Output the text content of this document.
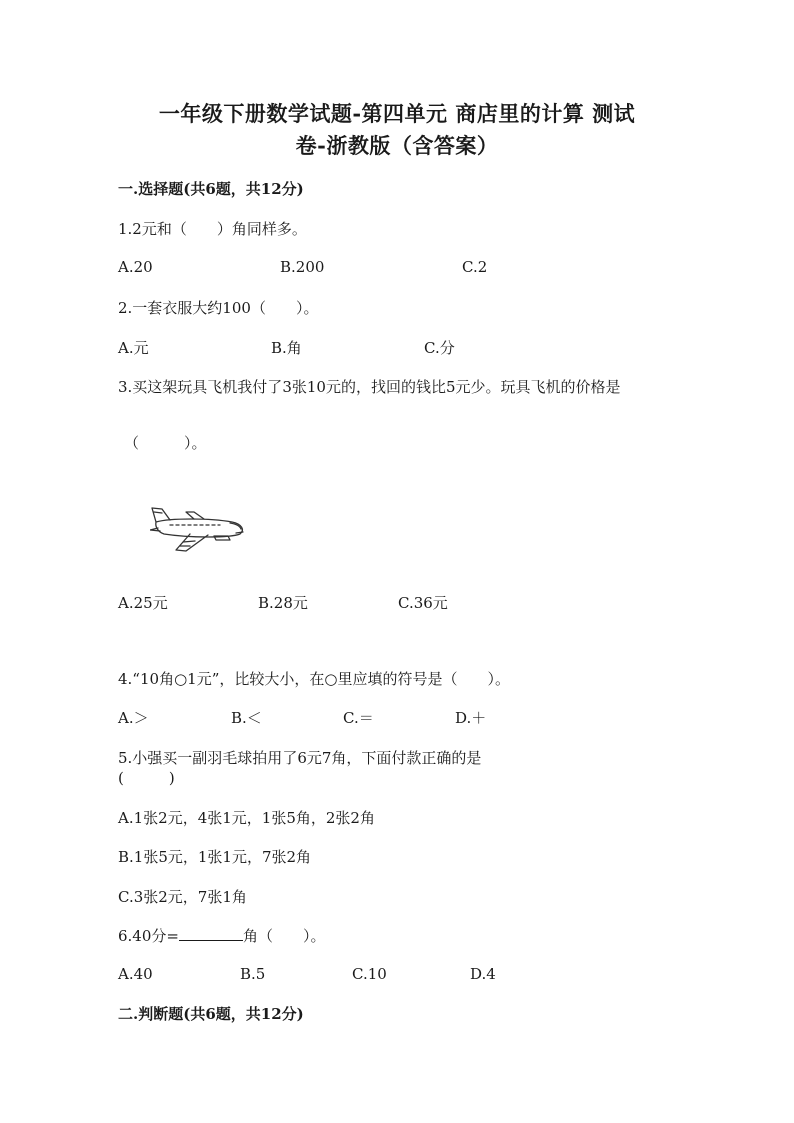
一年级下册数学试题-第四单元 商店里的计算 测试
卷-浙教版（含答案）
一.选择题(共6题，共12分)
1.2元和（　　）角同样多。
A.20	B.200	C.2
2.一套衣服大约100（　　）。
A.元	B.角	C.分
3.买这架玩具飞机我付了3张10元的，找回的钱比5元少。玩具飞机的价格是
（　　　）。
A.25元	B.28元	C.36元
4.“10角○1元”，比较大小，在○里应填的符号是（　　）。
A.＞	B.＜	C.＝	D.＋
5.小强买一副羽毛球拍用了6元7角，下面付款正确的是
(　　　)
A.1张2元，4张1元，1张5角，2张2角
B.1张5元，1张1元，7张2角
C.3张2元，7张1角
6.40分=	角（　　）。
A.40	B.5	C.10	D.4
二.判断题(共6题，共12分)
